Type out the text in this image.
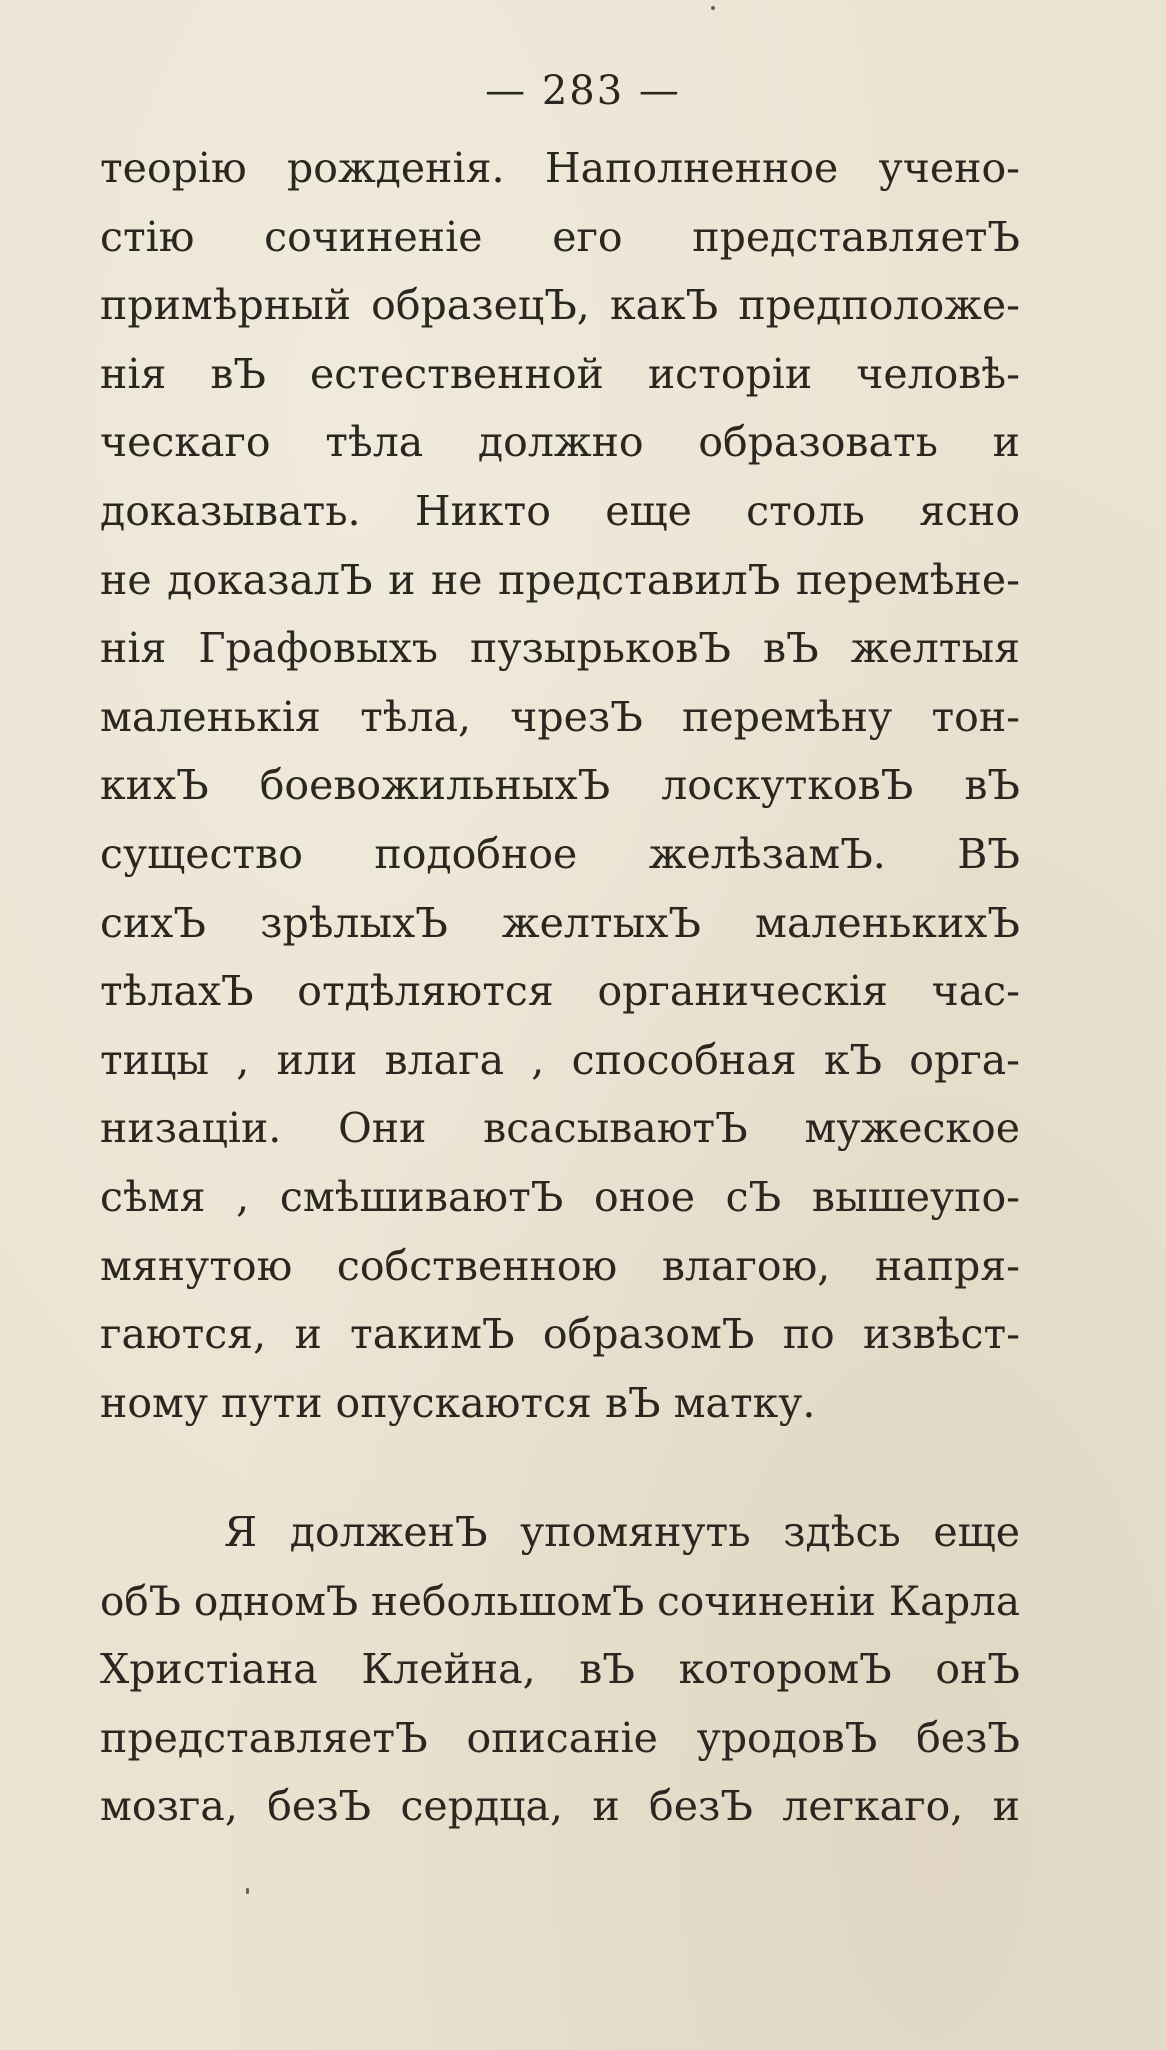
— 283 —
теорію рожденія. Наполненное учено-
стію сочиненіе его представляетЪ
примѣрный образецЪ, какЪ предположе-
нія вЪ естественной исторіи человѣ-
ческаго тѣла должно образовать и
доказывать. Никто еще столь ясно
не доказалЪ и не представилЪ перемѣне-
нія Графовыхъ пузырьковЪ вЪ желтыя
маленькія тѣла, чрезЪ перемѣну тон-
кихЪ боевожильныхЪ лоскутковЪ вЪ
существо подобное желѣзамЪ. ВЪ
сихЪ зрѣлыхЪ желтыхЪ маленькихЪ
тѣлахЪ отдѣляются органическія час-
тицы , или влага , способная кЪ орга-
низаціи. Они всасываютЪ мужеское
сѣмя , смѣшиваютЪ оное сЪ вышеупо-
мянутою собственною влагою, напря-
гаются, и такимЪ образомЪ по извѣст-
ному пути опускаются вЪ матку.
Я долженЪ упомянуть здѣсь еще
обЪ одномЪ небольшомЪ сочиненіи Карла
Христіана Клейна, вЪ которомЪ онЪ
представляетЪ описаніе уродовЪ безЪ
мозга, безЪ сердца, и безЪ легкаго, и
